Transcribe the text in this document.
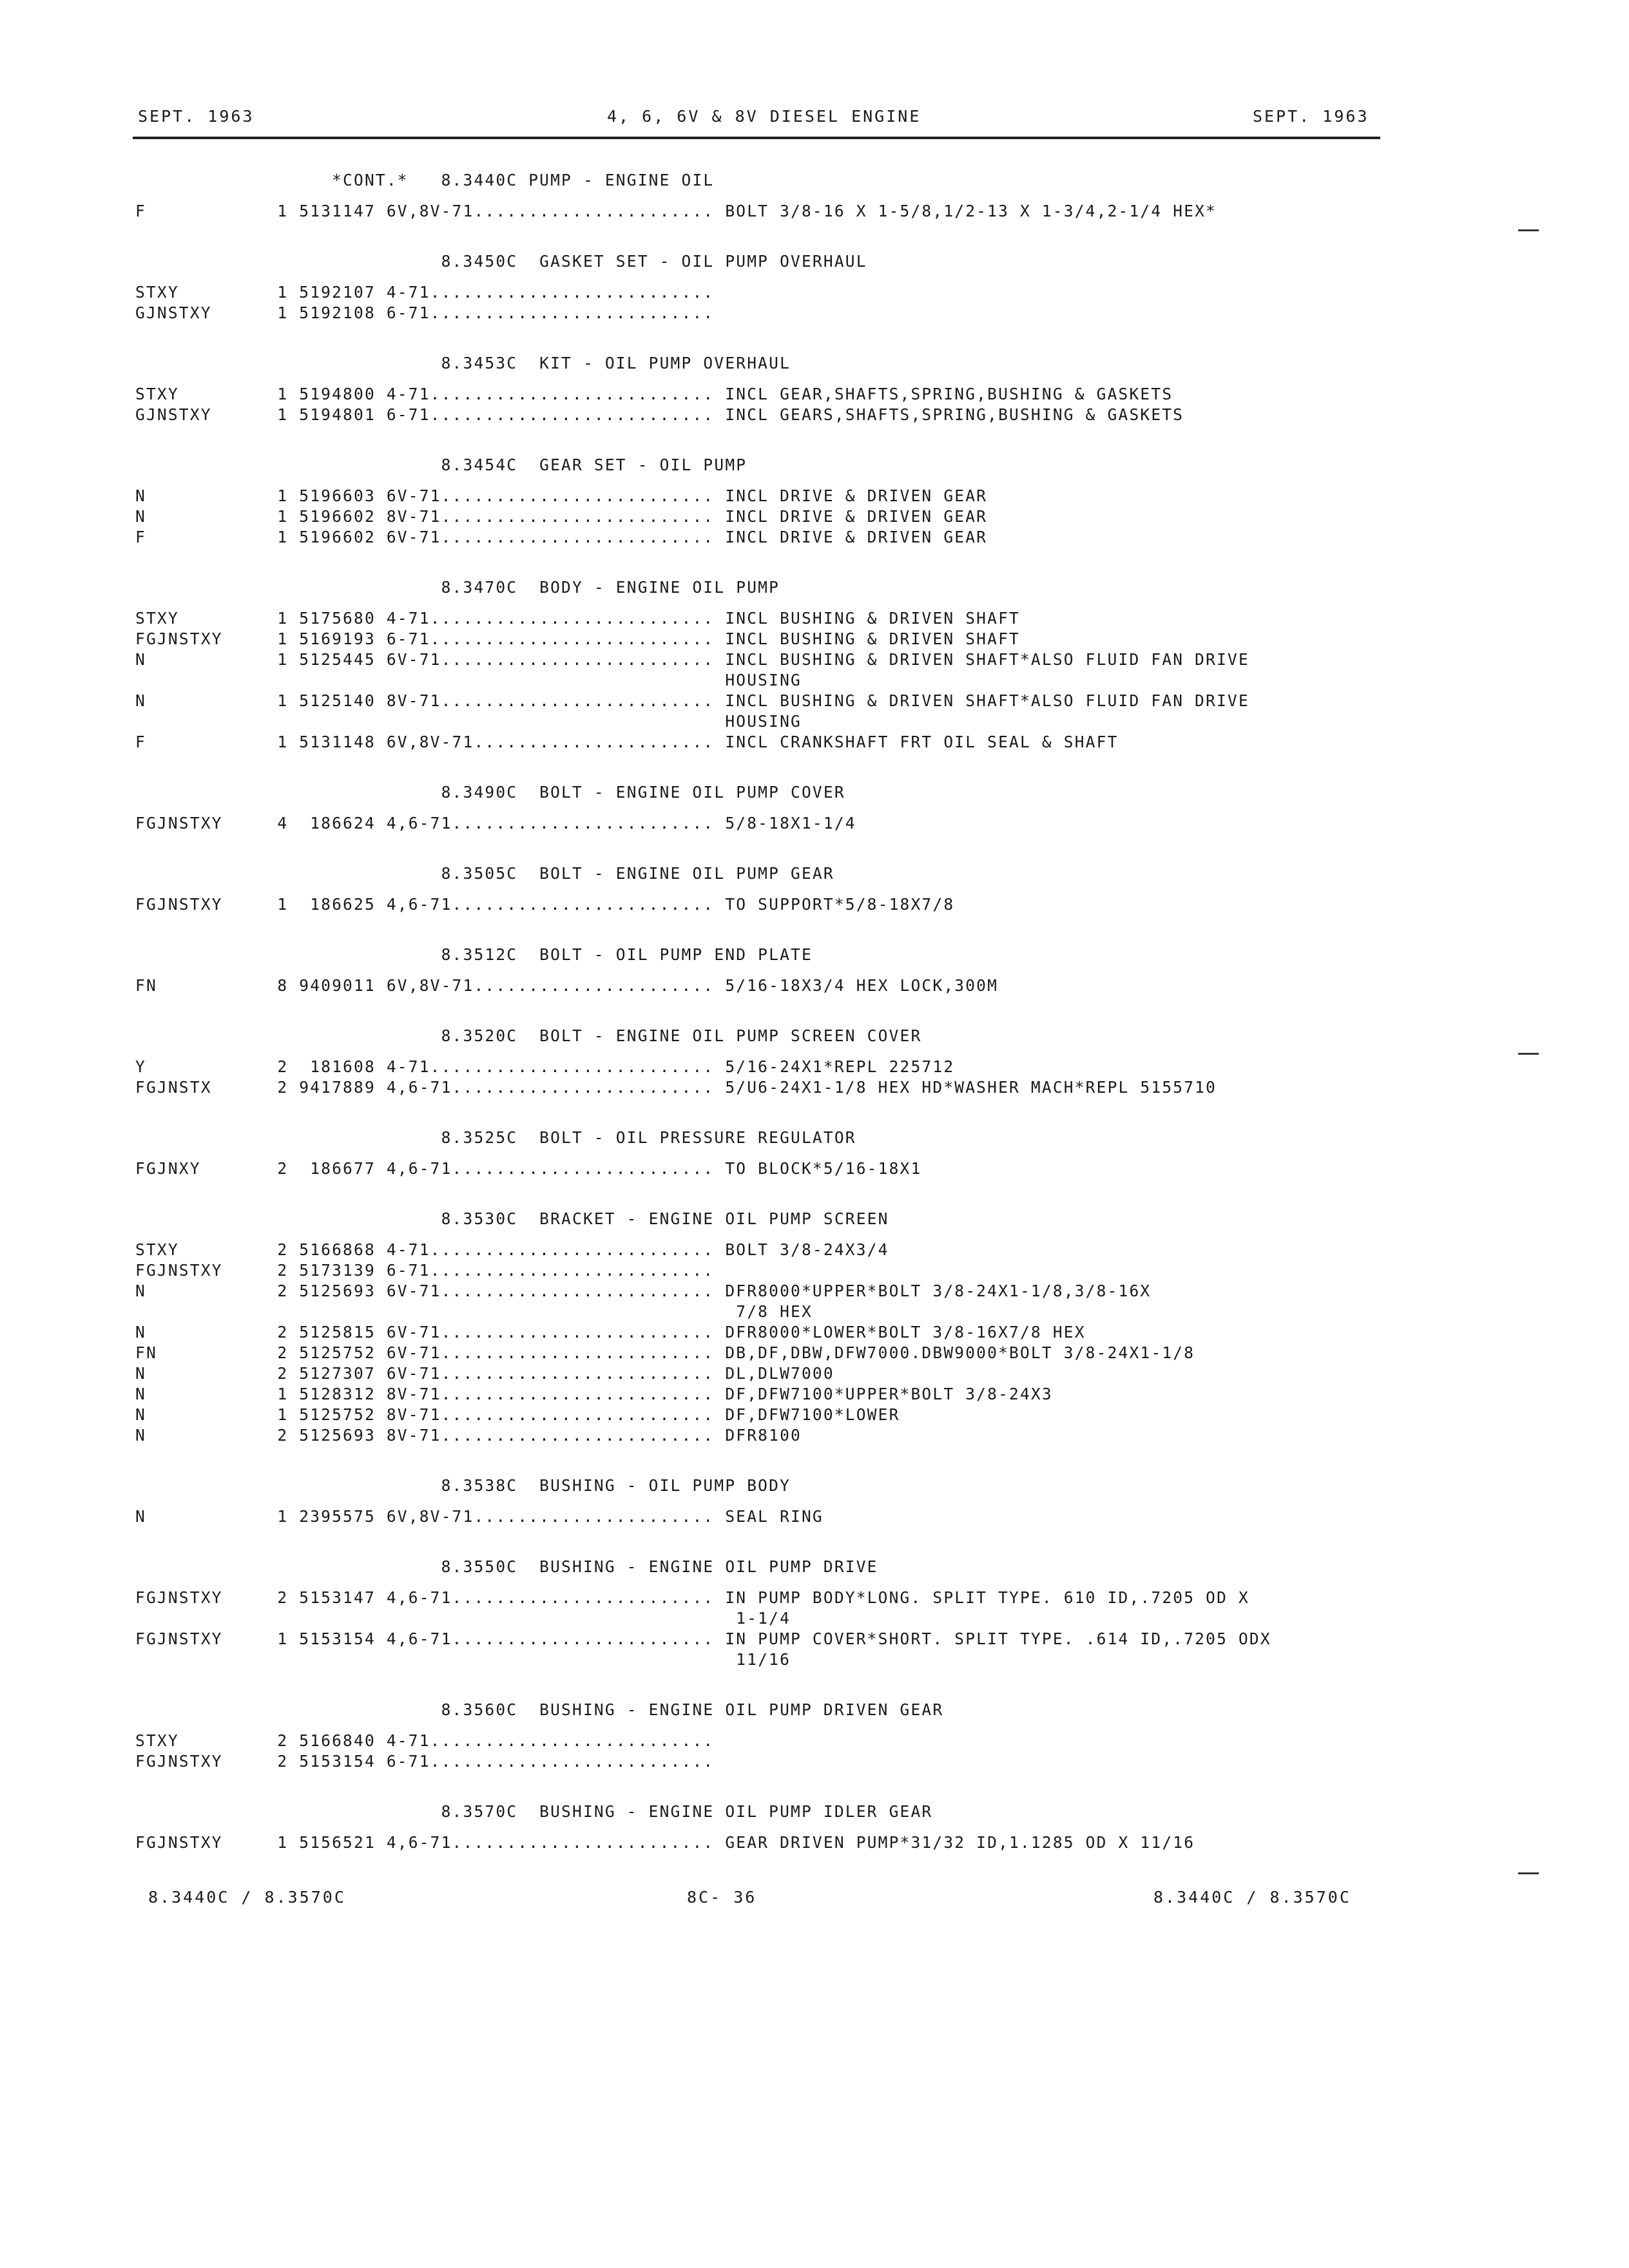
SEPT. 1963	4, 6, 6V & 8V DIESEL ENGINE	SEPT. 1963
*CONT.*   8.3440C PUMP - ENGINE OIL
F            1 5131147 6V,8V-71...................... BOLT 3/8-16 X 1-5/8,1/2-13 X 1-3/4,2-1/4 HEX*
8.3450C  GASKET SET - OIL PUMP OVERHAUL
STXY         1 5192107 4-71..........................
GJNSTXY      1 5192108 6-71..........................
8.3453C  KIT - OIL PUMP OVERHAUL
STXY         1 5194800 4-71.......................... INCL GEAR,SHAFTS,SPRING,BUSHING & GASKETS
GJNSTXY      1 5194801 6-71.......................... INCL GEARS,SHAFTS,SPRING,BUSHING & GASKETS
8.3454C  GEAR SET - OIL PUMP
N            1 5196603 6V-71......................... INCL DRIVE & DRIVEN GEAR
N            1 5196602 8V-71......................... INCL DRIVE & DRIVEN GEAR
F            1 5196602 6V-71......................... INCL DRIVE & DRIVEN GEAR
8.3470C  BODY - ENGINE OIL PUMP
STXY         1 5175680 4-71.......................... INCL BUSHING & DRIVEN SHAFT
FGJNSTXY     1 5169193 6-71.......................... INCL BUSHING & DRIVEN SHAFT
N            1 5125445 6V-71......................... INCL BUSHING & DRIVEN SHAFT*ALSO FLUID FAN DRIVE
HOUSING
N            1 5125140 8V-71......................... INCL BUSHING & DRIVEN SHAFT*ALSO FLUID FAN DRIVE
HOUSING
F            1 5131148 6V,8V-71...................... INCL CRANKSHAFT FRT OIL SEAL & SHAFT
8.3490C  BOLT - ENGINE OIL PUMP COVER
FGJNSTXY     4  186624 4,6-71........................ 5/8-18X1-1/4
8.3505C  BOLT - ENGINE OIL PUMP GEAR
FGJNSTXY     1  186625 4,6-71........................ TO SUPPORT*5/8-18X7/8
8.3512C  BOLT - OIL PUMP END PLATE
FN           8 9409011 6V,8V-71...................... 5/16-18X3/4 HEX LOCK,300M
8.3520C  BOLT - ENGINE OIL PUMP SCREEN COVER
Y            2  181608 4-71.......................... 5/16-24X1*REPL 225712
FGJNSTX      2 9417889 4,6-71........................ 5/U6-24X1-1/8 HEX HD*WASHER MACH*REPL 5155710
8.3525C  BOLT - OIL PRESSURE REGULATOR
FGJNXY       2  186677 4,6-71........................ TO BLOCK*5/16-18X1
8.3530C  BRACKET - ENGINE OIL PUMP SCREEN
STXY         2 5166868 4-71.......................... BOLT 3/8-24X3/4
FGJNSTXY     2 5173139 6-71..........................
N            2 5125693 6V-71......................... DFR8000*UPPER*BOLT 3/8-24X1-1/8,3/8-16X
7/8 HEX
N            2 5125815 6V-71......................... DFR8000*LOWER*BOLT 3/8-16X7/8 HEX
FN           2 5125752 6V-71......................... DB,DF,DBW,DFW7000.DBW9000*BOLT 3/8-24X1-1/8
N            2 5127307 6V-71......................... DL,DLW7000
N            1 5128312 8V-71......................... DF,DFW7100*UPPER*BOLT 3/8-24X3
N            1 5125752 8V-71......................... DF,DFW7100*LOWER
N            2 5125693 8V-71......................... DFR8100
8.3538C  BUSHING - OIL PUMP BODY
N            1 2395575 6V,8V-71...................... SEAL RING
8.3550C  BUSHING - ENGINE OIL PUMP DRIVE
FGJNSTXY     2 5153147 4,6-71........................ IN PUMP BODY*LONG. SPLIT TYPE. 610 ID,.7205 OD X
1-1/4
FGJNSTXY     1 5153154 4,6-71........................ IN PUMP COVER*SHORT. SPLIT TYPE. .614 ID,.7205 ODX
11/16
8.3560C  BUSHING - ENGINE OIL PUMP DRIVEN GEAR
STXY         2 5166840 4-71..........................
FGJNSTXY     2 5153154 6-71..........................
8.3570C  BUSHING - ENGINE OIL PUMP IDLER GEAR
FGJNSTXY     1 5156521 4,6-71........................ GEAR DRIVEN PUMP*31/32 ID,1.1285 OD X 11/16
8.3440C / 8.3570C	8C- 36	8.3440C / 8.3570C
